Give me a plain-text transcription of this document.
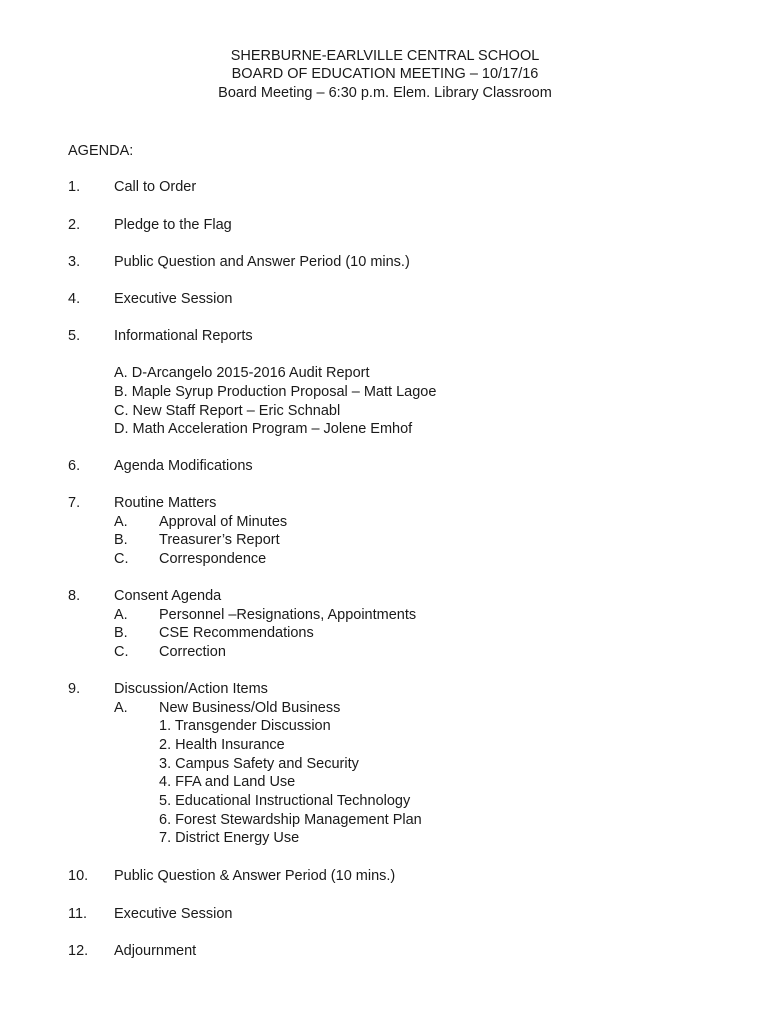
SHERBURNE-EARLVILLE CENTRAL SCHOOL
BOARD OF EDUCATION MEETING – 10/17/16
Board Meeting – 6:30 p.m. Elem. Library Classroom
AGENDA:
1. Call to Order
2. Pledge to the Flag
3. Public Question and Answer Period (10 mins.)
4. Executive Session
5. Informational Reports
A. D-Arcangelo 2015-2016 Audit Report
B. Maple Syrup Production Proposal – Matt Lagoe
C. New Staff Report – Eric Schnabl
D. Math Acceleration Program – Jolene Emhof
6. Agenda Modifications
7. Routine Matters
A. Approval of Minutes
B. Treasurer’s Report
C. Correspondence
8. Consent Agenda
A. Personnel –Resignations, Appointments
B. CSE Recommendations
C. Correction
9. Discussion/Action Items
A. New Business/Old Business
1. Transgender Discussion
2. Health Insurance
3. Campus Safety and Security
4. FFA and Land Use
5. Educational Instructional Technology
6. Forest Stewardship Management Plan
7. District Energy Use
10. Public Question & Answer Period (10 mins.)
11. Executive Session
12. Adjournment
